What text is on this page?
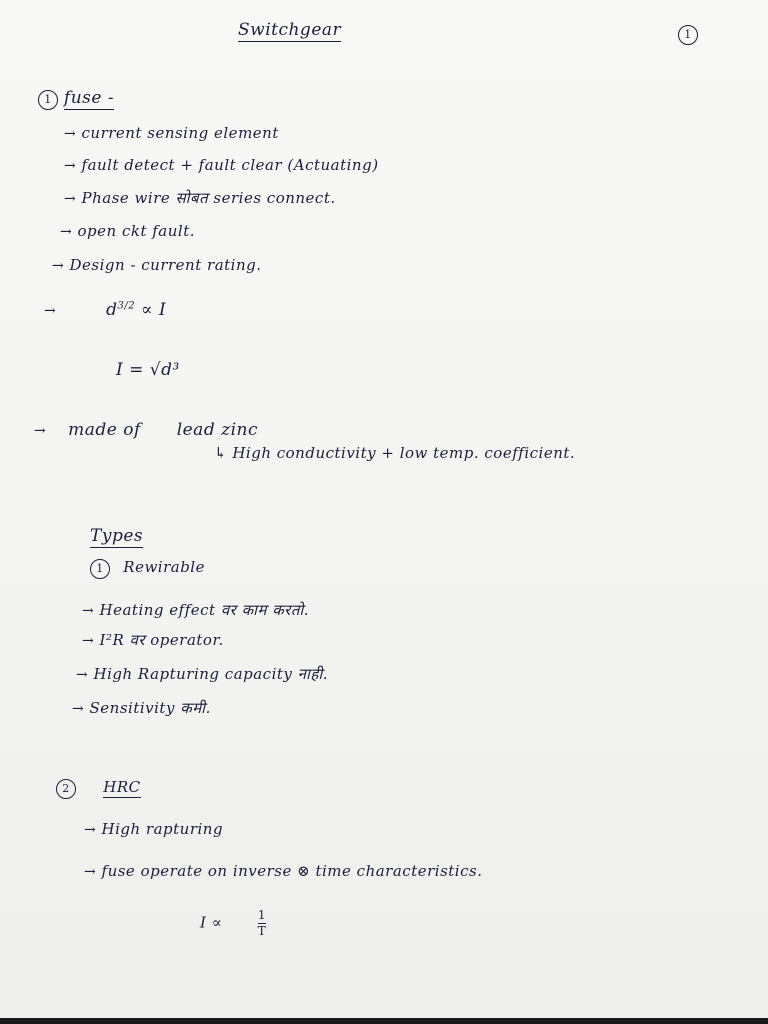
Switchgear	1
1 fuse -
→ current sensing element
→ fault detect + fault clear (Actuating)
→ Phase wire सोबत series connect.
→ open ckt fault.
→ Design - current rating.
→	$d^{3/2} \propto I$
I = √d³
→ made of lead zinc
↳ High conductivity + low temp. coefficient.
Types
1 Rewirable
→ Heating effect वर काम करतो.
→ I²R वर operator.
→ High Rapturing capacity नाही.
→ Sensitivity कमी.
2 HRC
→ High rapturing
→ fuse operate on inverse ⊗ time characteristics.
I ∝	$\frac{1}{T}$
